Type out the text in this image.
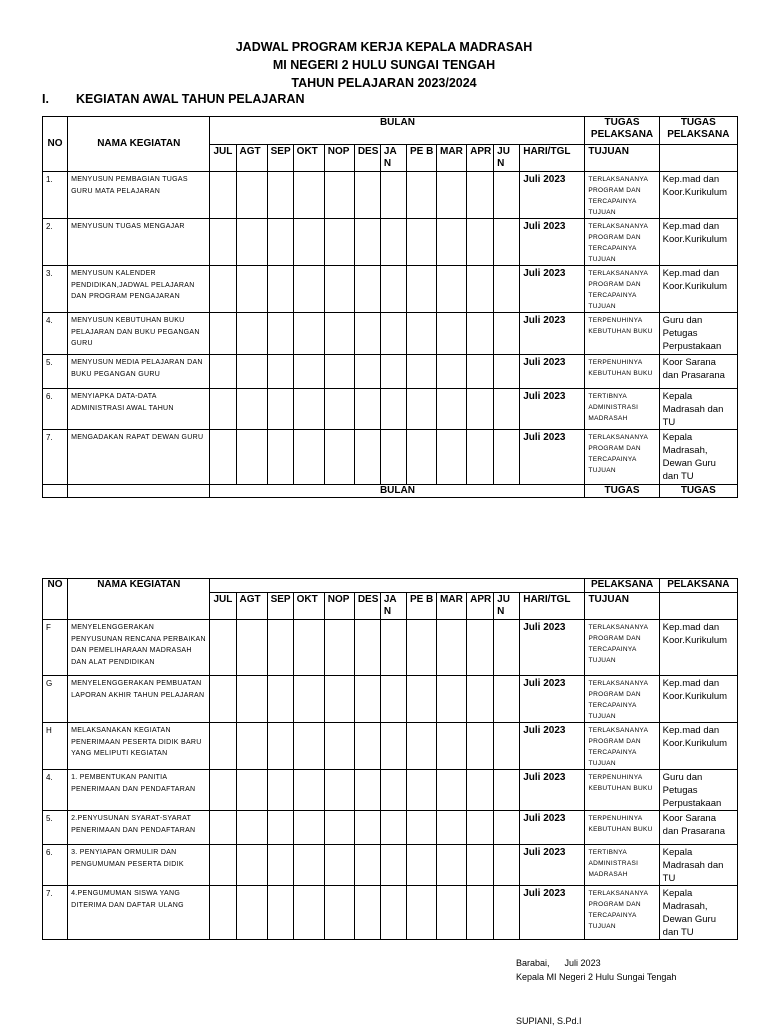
JADWAL PROGRAM KERJA KEPALA MADRASAH
MI NEGERI 2 HULU SUNGAI TENGAH
TAHUN PELAJARAN 2023/2024
I. KEGIATAN AWAL TAHUN PELAJARAN
NO	NAMA KEGIATAN	BULAN												TUGAS PELAKSANA	TUGAS PELAKSANA
		JUL	AGT	SEP	OKT	NOP	DES	JA N	PE B	MAR	APR	JU N	HARI/TGL	TUJUAN	
1.	MENYUSUN PEMBAGIAN TUGAS GURU MATA PELAJARAN												Juli 2023	TERLAKSANANYA PROGRAM DAN TERCAPAINYA TUJUAN	Kep.mad dan Koor.Kurikulum
2.	MENYUSUN TUGAS MENGAJAR												Juli 2023	TERLAKSANANYA PROGRAM DAN TERCAPAINYA TUJUAN	Kep.mad dan Koor.Kurikulum
3.	MENYUSUN KALENDER PENDIDIKAN,JADWAL PELAJARAN DAN PROGRAM PENGAJARAN												Juli 2023	TERLAKSANANYA PROGRAM DAN TERCAPAINYA TUJUAN	Kep.mad dan Koor.Kurikulum
4.	MENYUSUN KEBUTUHAN BUKU PELAJARAN DAN BUKU PEGANGAN GURU												Juli 2023	TERPENUHINYA KEBUTUHAN BUKU	Guru dan Petugas Perpustakaan
5.	MENYUSUN MEDIA PELAJARAN DAN BUKU PEGANGAN GURU												Juli 2023	TERPENUHINYA KEBUTUHAN BUKU	Koor Sarana dan Prasarana
6.	MENYIAPKA DATA-DATA ADMINISTRASI AWAL TAHUN												Juli 2023	TERTIBNYA ADMINISTRASI MADRASAH	Kepala Madrasah dan TU
7.	MENGADAKAN RAPAT DEWAN GURU												Juli 2023	TERLAKSANANYA PROGRAM DAN TERCAPAINYA TUJUAN	Kepala Madrasah, Dewan Guru dan TU
		BULAN												TUGAS	TUGAS
NO	NAMA KEGIATAN													PELAKSANA	PELAKSANA
		JUL	AGT	SEP	OKT	NOP	DES	JA N	PE B	MAR	APR	JU N	HARI/TGL	TUJUAN	
F	MENYELENGGERAKAN PENYUSUNAN RENCANA PERBAIKAN DAN PEMELIHARAAN MADRASAH DAN ALAT PENDIDIKAN												Juli 2023	TERLAKSANANYA PROGRAM DAN TERCAPAINYA TUJUAN	Kep.mad dan Koor.Kurikulum
G	MENYELENGGERAKAN PEMBUATAN LAPORAN AKHIR TAHUN PELAJARAN												Juli 2023	TERLAKSANANYA PROGRAM DAN TERCAPAINYA TUJUAN	Kep.mad dan Koor.Kurikulum
H	MELAKSANAKAN KEGIATAN PENERIMAAN PESERTA DIDIK BARU YANG MELIPUTI KEGIATAN												Juli 2023	TERLAKSANANYA PROGRAM DAN TERCAPAINYA TUJUAN	Kep.mad dan Koor.Kurikulum
4.	1. PEMBENTUKAN PANITIA PENERIMAAN DAN PENDAFTARAN												Juli 2023	TERPENUHINYA KEBUTUHAN BUKU	Guru dan Petugas Perpustakaan
5.	2.PENYUSUNAN SYARAT-SYARAT PENERIMAAN DAN PENDAFTARAN												Juli 2023	TERPENUHINYA KEBUTUHAN BUKU	Koor Sarana dan Prasarana
6.	3. PENYIAPAN ORMULIR DAN PENGUMUMAN PESERTA DIDIK												Juli 2023	TERTIBNYA ADMINISTRASI MADRASAH	Kepala Madrasah dan TU
7.	4.PENGUMUMAN SISWA YANG DITERIMA DAN DAFTAR ULANG												Juli 2023	TERLAKSANANYA PROGRAM DAN TERCAPAINYA TUJUAN	Kepala Madrasah, Dewan Guru dan TU
Barabai, Juli 2023
Kepala MI Negeri 2 Hulu Sungai Tengah
SUPIANI, S.Pd.I
